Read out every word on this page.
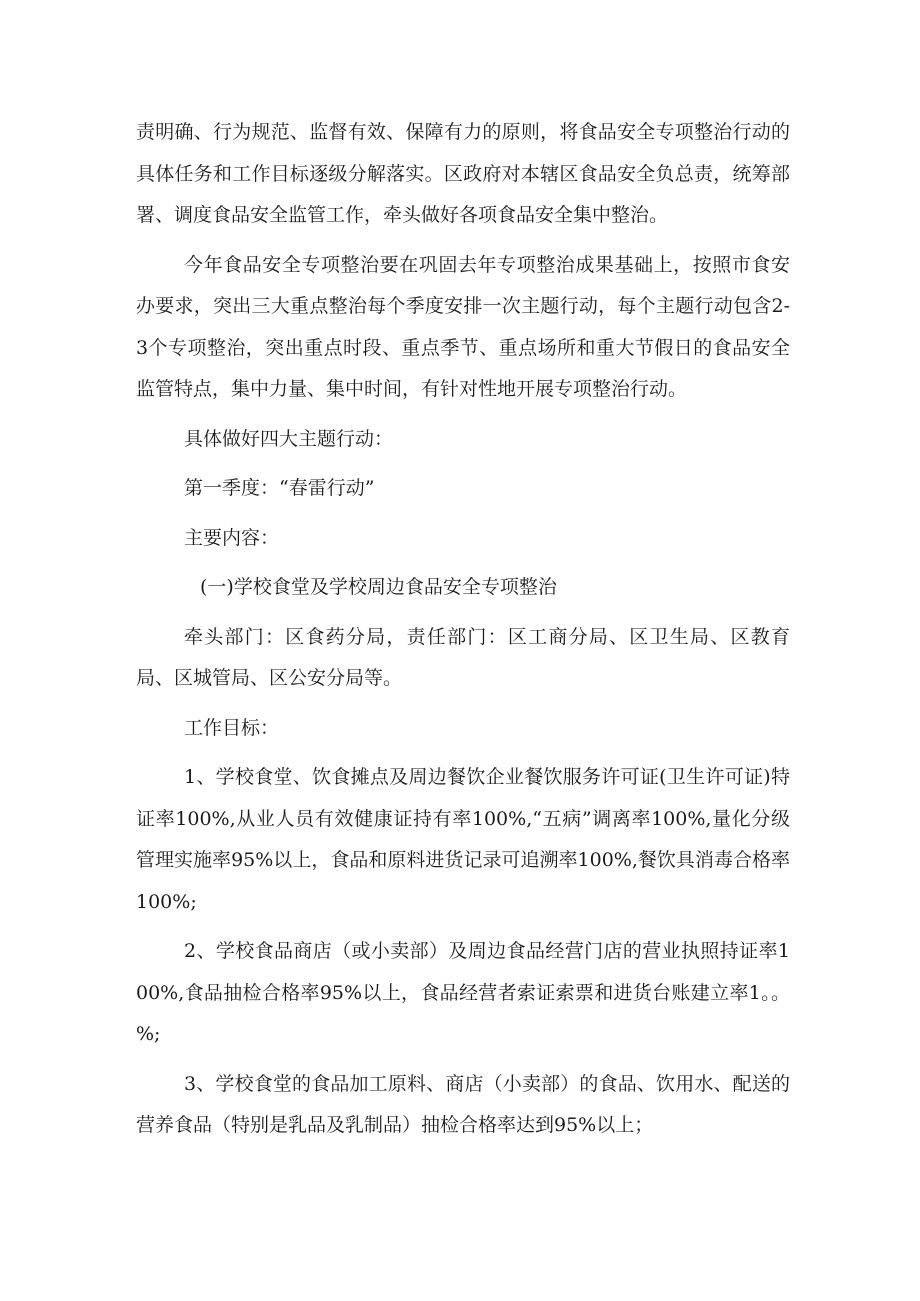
责明确、行为规范、监督有效、保障有力的原则，将食品安全专项整治行动的具体任务和工作目标逐级分解落实。区政府对本辖区食品安全负总责，统筹部署、调度食品安全监管工作，牵头做好各项食品安全集中整治。

今年食品安全专项整治要在巩固去年专项整治成果基础上，按照市食安办要求，突出三大重点整治每个季度安排一次主题行动，每个主题行动包含2-3个专项整治，突出重点时段、重点季节、重点场所和重大节假日的食品安全监管特点，集中力量、集中时间，有针对性地开展专项整治行动。

具体做好四大主题行动：

第一季度：“春雷行动”

主要内容：

(一)学校食堂及学校周边食品安全专项整治

牵头部门：区食药分局，责任部门：区工商分局、区卫生局、区教育局、区城管局、区公安分局等。

工作目标：

1、学校食堂、饮食摊点及周边餐饮企业餐饮服务许可证(卫生许可证)特证率100%,从业人员有效健康证持有率100%,“五病”调离率100%,量化分级管理实施率95%以上，食品和原料进货记录可追溯率100%,餐饮具消毒合格率100%;

2、学校食品商店（或小卖部）及周边食品经营门店的营业执照持证率100%,食品抽检合格率95%以上，食品经营者索证索票和进货台账建立率1。。%;

3、学校食堂的食品加工原料、商店（小卖部）的食品、饮用水、配送的营养食品（特别是乳品及乳制品）抽检合格率达到95%以上；
